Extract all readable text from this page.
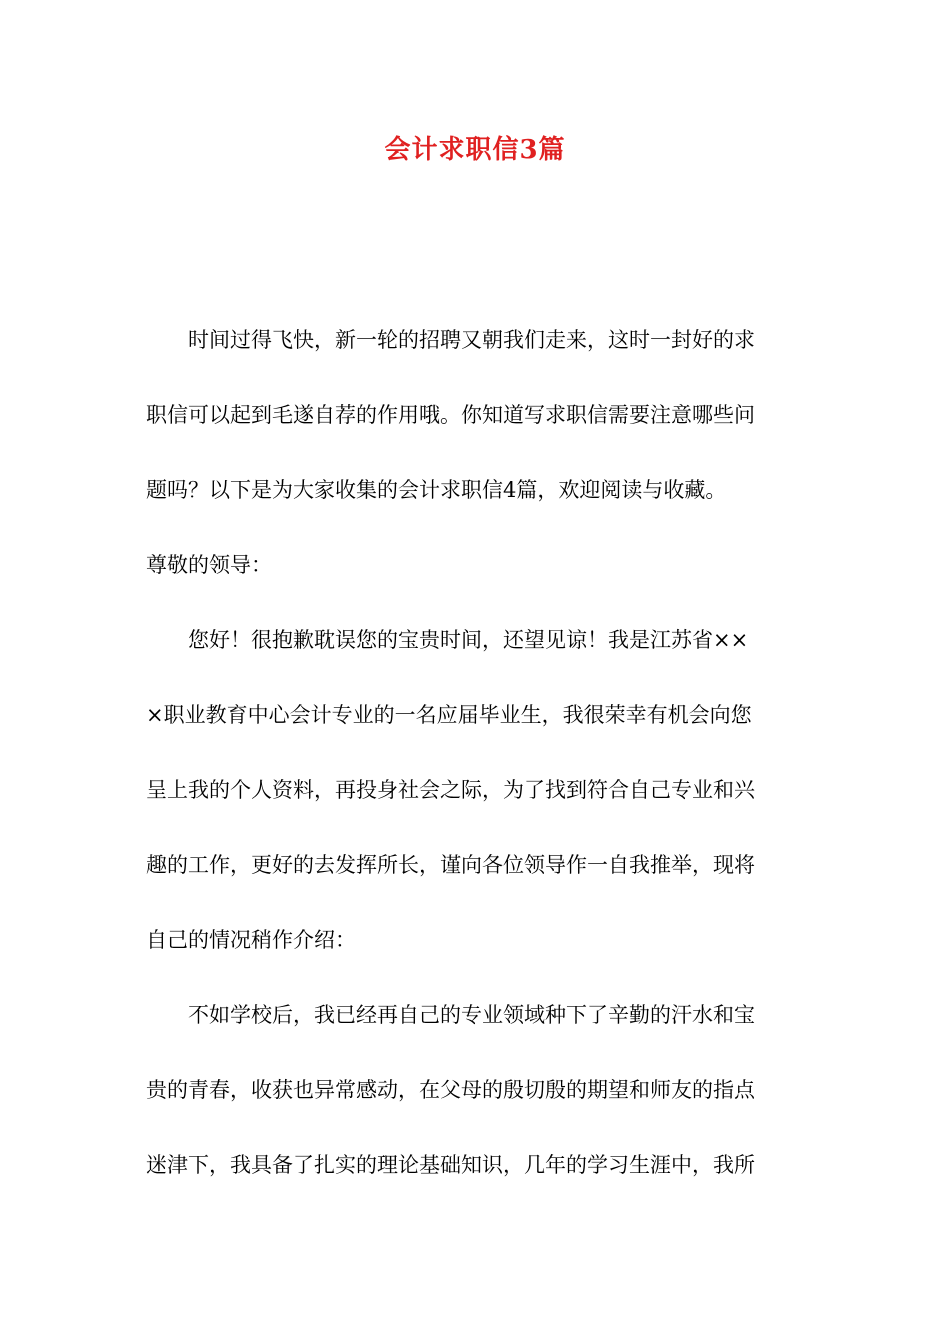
会计求职信3篇
　　时间过得飞快，新一轮的招聘又朝我们走来，这时一封好的求
职信可以起到毛遂自荐的作用哦。你知道写求职信需要注意哪些问
题吗？以下是为大家收集的会计求职信4篇，欢迎阅读与收藏。
尊敬的领导：
　　您好！很抱歉耽误您的宝贵时间，还望见谅！我是江苏省××
×职业教育中心会计专业的一名应届毕业生，我很荣幸有机会向您
呈上我的个人资料，再投身社会之际，为了找到符合自己专业和兴
趣的工作，更好的去发挥所长，谨向各位领导作一自我推举，现将
自己的情况稍作介绍：
　　不如学校后，我已经再自己的专业领域种下了辛勤的汗水和宝
贵的青春，收获也异常感动，在父母的殷切殷的期望和师友的指点
迷津下，我具备了扎实的理论基础知识，几年的学习生涯中，我所
